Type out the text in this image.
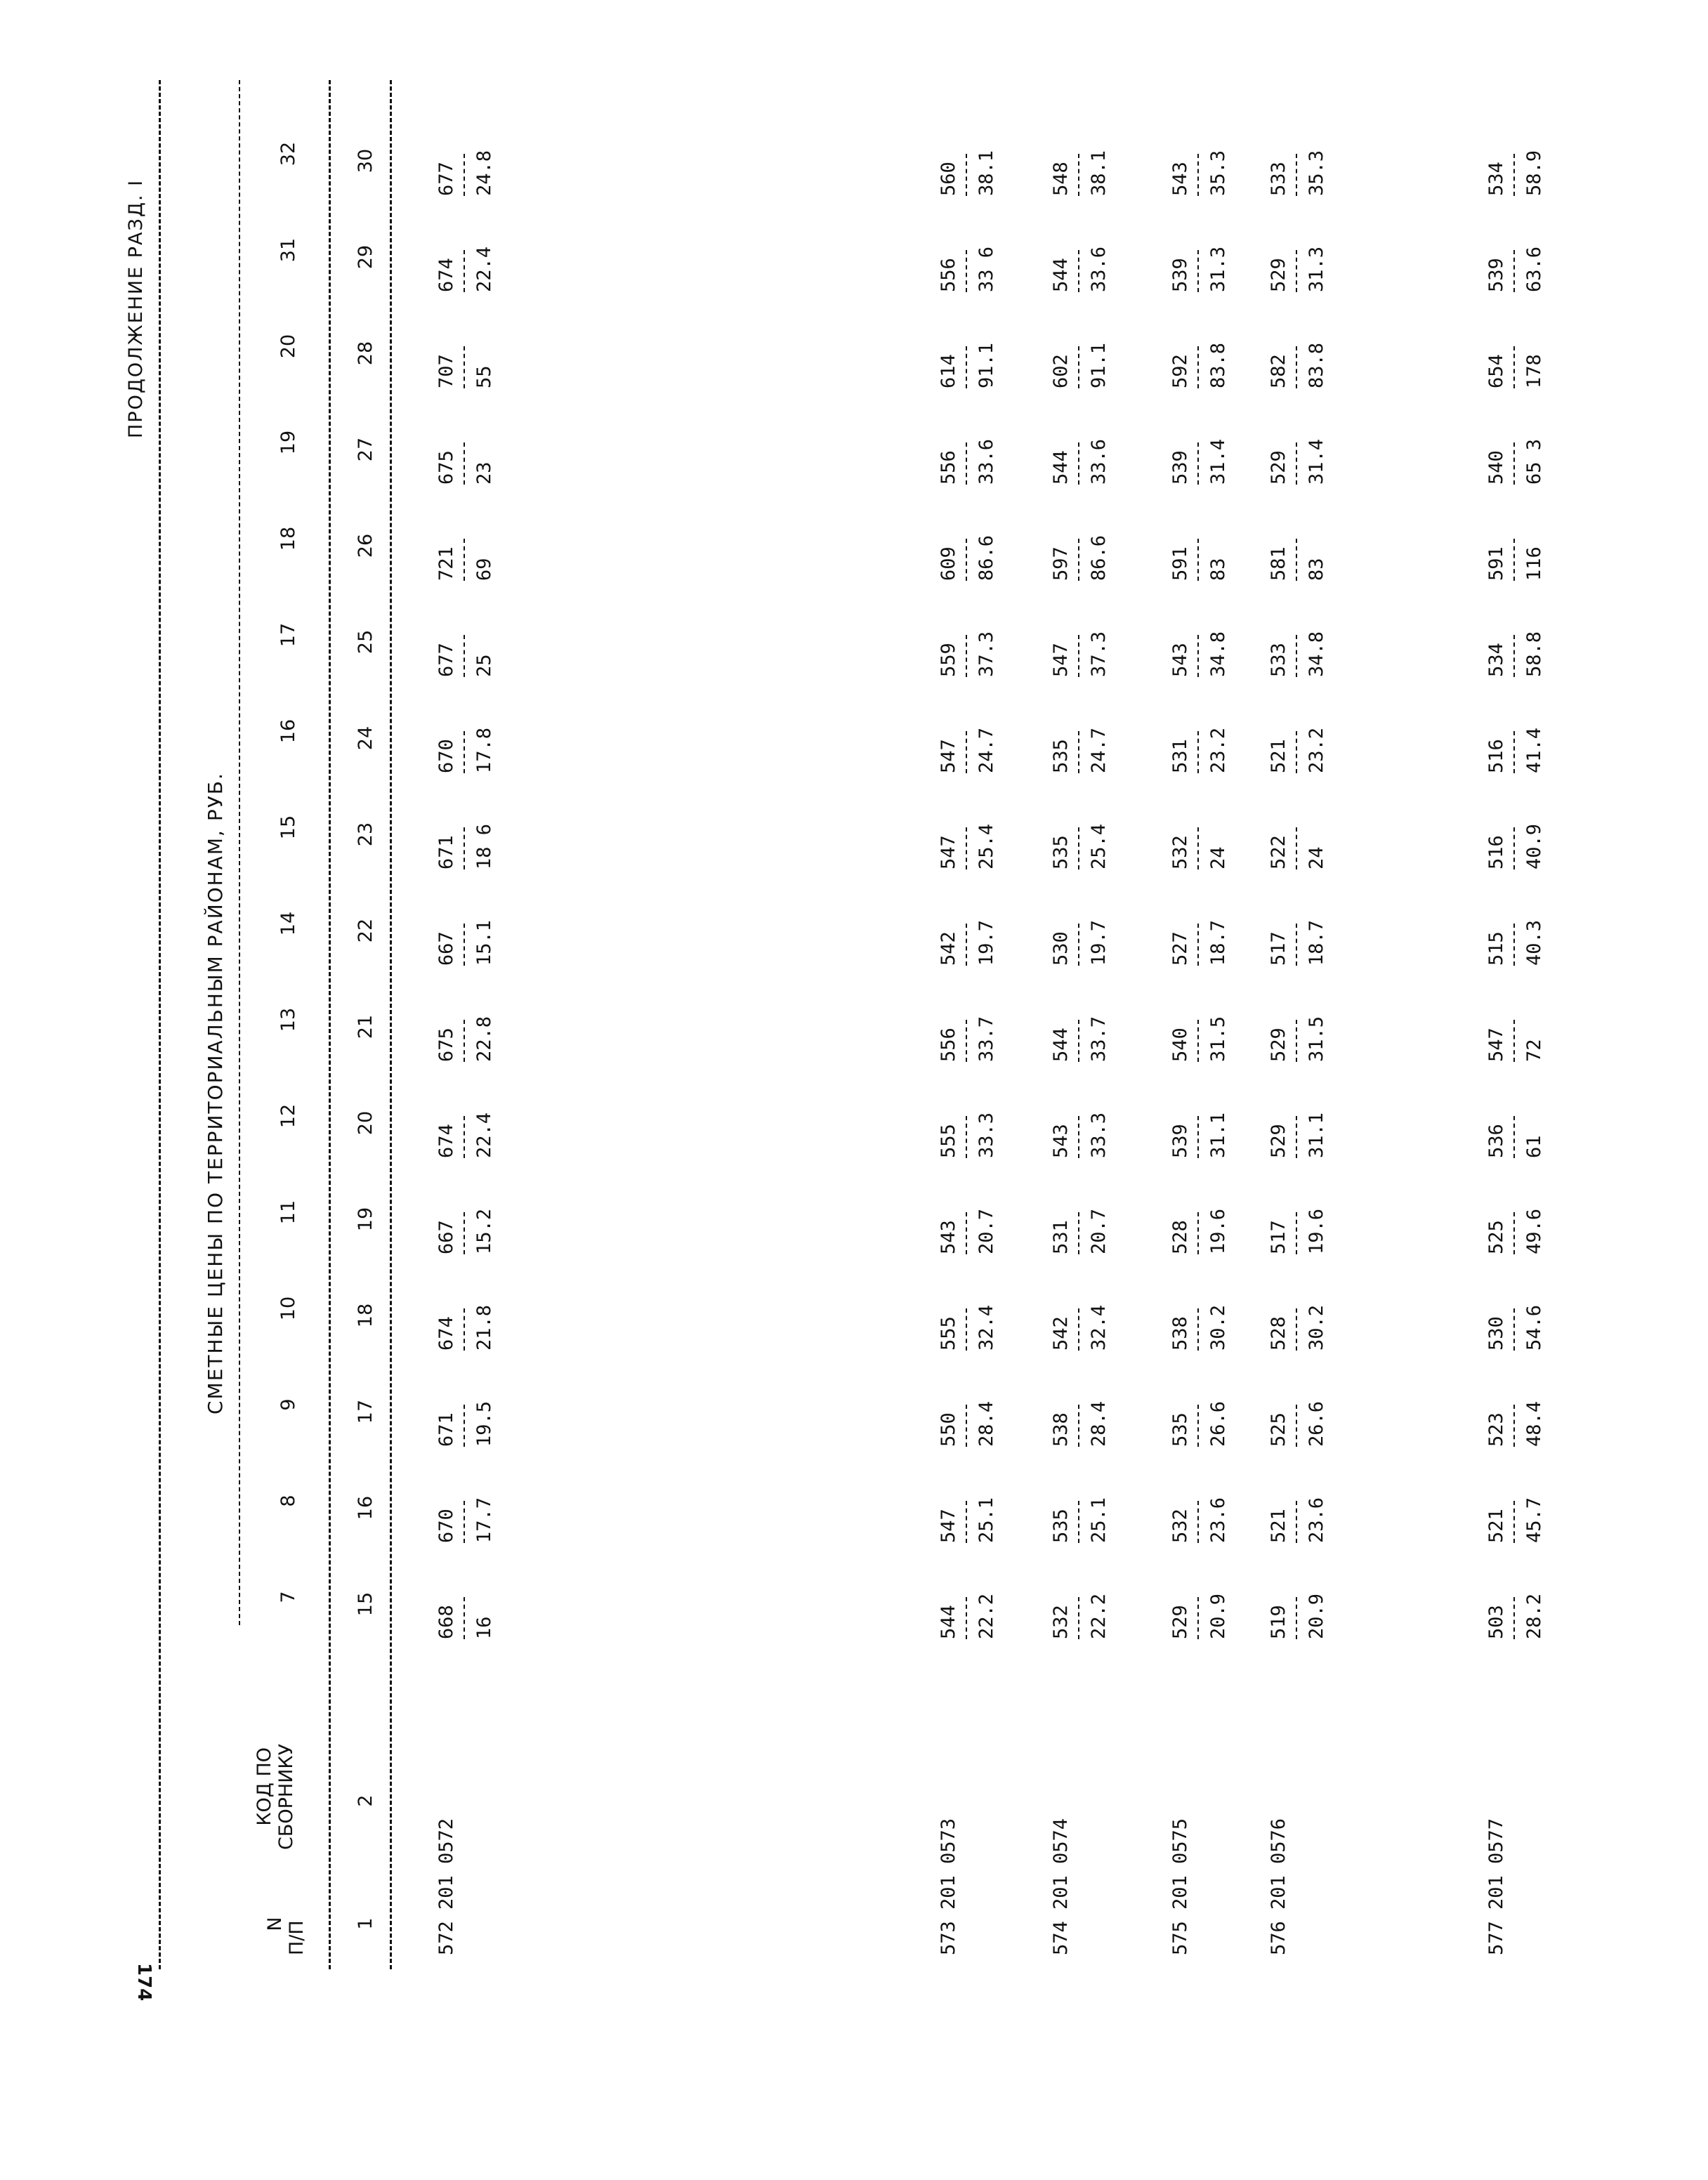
ПРОДОЛЖЕНИЕ РАЗД. I
СМЕТНЫЕ ЦЕНЫ ПО ТЕРРИТОРИАЛЬНЫМ РАЙОНАМ, РУБ.

N
П/П

КОД ПО
СБОРНИКУ

7
8
9
10
11
12
13
14
15
16
17
18
19
20
31
32
1
2
15
16
17
18
19
20
21
22
23
24
25
26
27
28
29
30
572 201 0572
668 16
670 17.7
671 19.5
674 21.8
667 15.2
674 22.4
675 22.8
667 15.1
671 18 6
670 17.8
677 25
721 69
675 23
707 55
674 22.4
677 24.8
573 201 0573
544 22.2
547 25.1
550 28.4
555 32.4
543 20.7
555 33.3
556 33.7
542 19.7
547 25.4
547 24.7
559 37.3
609 86.6
556 33.6
614 91.1
556 33 6
560 38.1
574 201 0574
532 22.2
535 25.1
538 28.4
542 32.4
531 20.7
543 33.3
544 33.7
530 19.7
535 25.4
535 24.7
547 37.3
597 86.6
544 33.6
602 91.1
544 33.6
548 38.1
575 201 0575
529 20.9
532 23.6
535 26.6
538 30.2
528 19.6
539 31.1
540 31.5
527 18.7
532 24
531 23.2
543 34.8
591 83
539 31.4
592 83.8
539 31.3
543 35.3
576 201 0576
519 20.9
521 23.6
525 26.6
528 30.2
517 19.6
529 31.1
529 31.5
517 18.7
522 24
521 23.2
533 34.8
581 83
529 31.4
582 83.8
529 31.3
533 35.3
577 201 0577
503 28.2
521 45.7
523 48.4
530 54.6
525 49.6
536 61
547 72
515 40.3
516 40.9
516 41.4
534 58.8
591 116
540 65 3
654 178
539 63.6
534 58.9
174
